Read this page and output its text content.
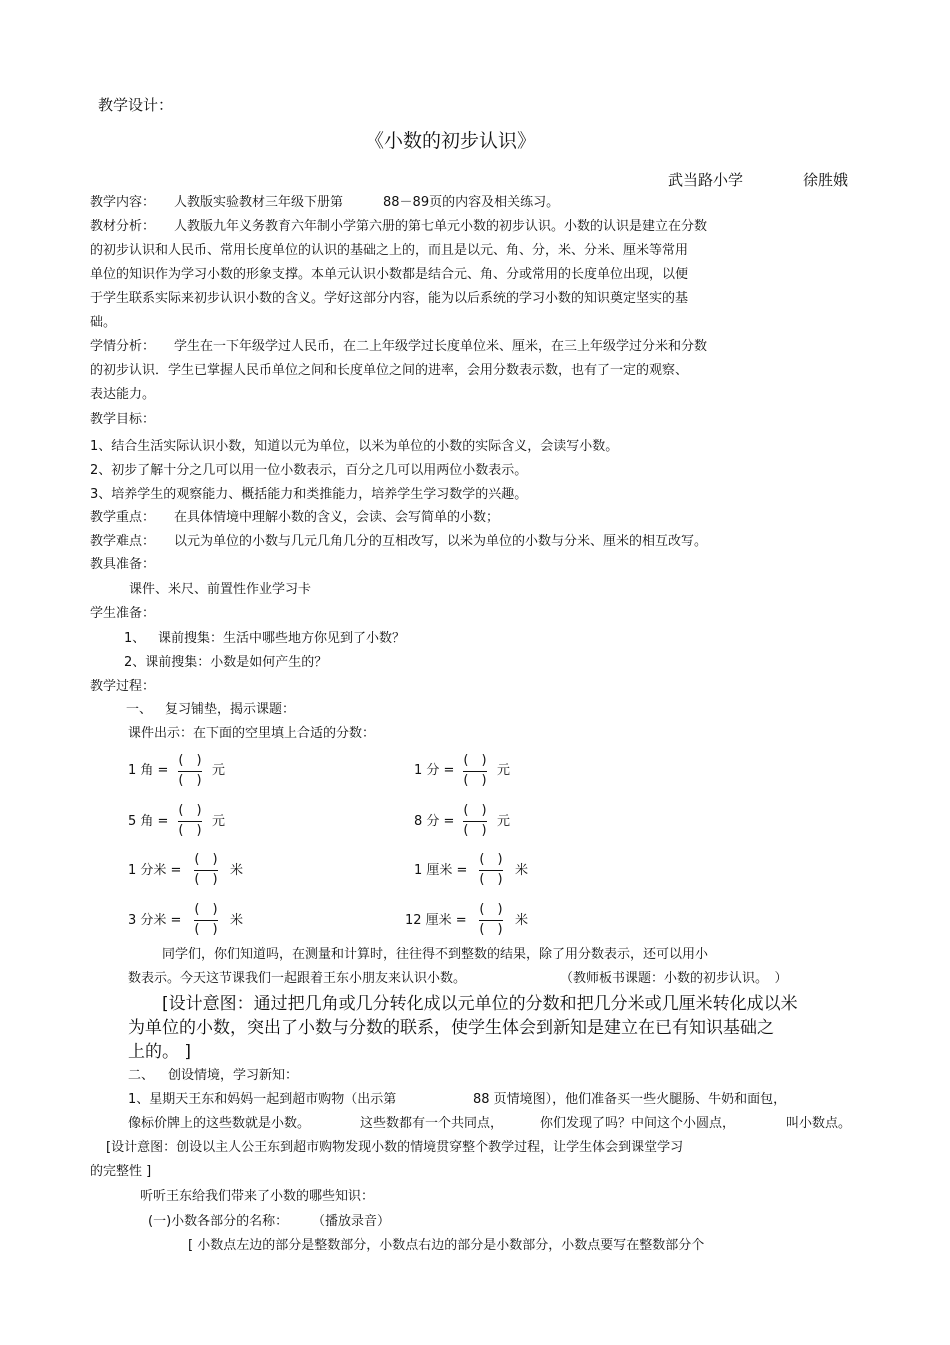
教学设计：
《小数的初步认识》
武当路小学	徐胜娥
教学内容： 人教版实验教材三年级下册第	88－89页的内容及相关练习。
教材分析： 人教版九年义务教育六年制小学第六册的第七单元小数的初步认识。小数的认识是建立在分数
的初步认识和人民币、常用长度单位的认识的基础之上的，而且是以元、角、分，米、分米、厘米等常用
单位的知识作为学习小数的形象支撑。本单元认识小数都是结合元、角、分或常用的长度单位出现，以便
于学生联系实际来初步认识小数的含义。学好这部分内容，能为以后系统的学习小数的知识奠定坚实的基
础。
学情分析： 学生在一下年级学过人民币，在二上年级学过长度单位米、厘米，在三上年级学过分米和分数
的初步认识．学生已掌握人民币单位之间和长度单位之间的进率，会用分数表示数，也有了一定的观察、
表达能力。
教学目标：
1、结合生活实际认识小数，知道以元为单位，以米为单位的小数的实际含义，会读写小数。
2、初步了解十分之几可以用一位小数表示，百分之几可以用两位小数表示。
3、培养学生的观察能力、概括能力和类推能力，培养学生学习数学的兴趣。
教学重点： 在具体情境中理解小数的含义，会读、会写简单的小数；
教学难点： 以元为单位的小数与几元几角几分的互相改写，以米为单位的小数与分米、厘米的相互改写。
教具准备：
课件、米尺、前置性作业学习卡
学生准备：
1、 课前搜集：生活中哪些地方你见到了小数？
2、课前搜集：小数是如何产生的？
教学过程：
一、 复习铺垫，揭示课题：
课件出示：在下面的空里填上合适的分数：
1 角 =
(　)
(　)
元	1 分 =
(　)
(　)
元
5 角 =
(　)
(　)
元	8 分 =
(　)
(　)
元
1 分米 =
(　)
(　)
米	1 厘米 =
(　)
(　)
米
3 分米 =
(　)
(　)
米	12 厘米 =
(　)
(　)
米
同学们，你们知道吗，在测量和计算时，往往得不到整数的结果，除了用分数表示，还可以用小
数表示。今天这节课我们一起跟着王东小朋友来认识小数。	（教师板书课题：小数的初步认识。　）
[设计意图：通过把几角或几分转化成以元单位的分数和把几分米或几厘米转化成以米
为单位的小数，突出了小数与分数的联系，使学生体会到新知是建立在已有知识基础之
上的。 ]
二、 创设情境，学习新知：
1、星期天王东和妈妈一起到超市购物（出示第	88 页情境图），他们准备买一些火腿肠、牛奶和面包，
像标价牌上的这些数就是小数。	这些数都有一个共同点，	你们发现了吗？中间这个小圆点，	叫小数点。
[设计意图：创设以主人公王东到超市购物发现小数的情境贯穿整个教学过程，让学生体会到课堂学习
的完整性 ]
听听王东给我们带来了小数的哪些知识：
(一)小数各部分的名称： （播放录音）
[ 小数点左边的部分是整数部分，小数点右边的部分是小数部分，小数点要写在整数部分个
